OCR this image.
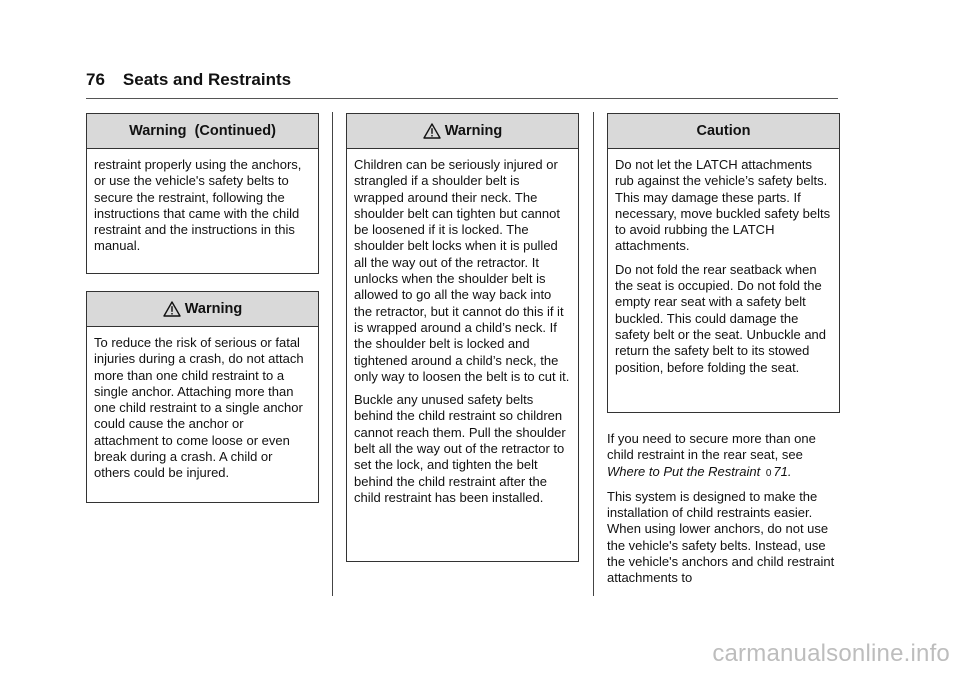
76 Seats and Restraints
Warning  (Continued)

restraint properly using the anchors, or use the vehicle's safety belts to secure the restraint, following the instructions that came with the child restraint and the instructions in this manual.

Warning

To reduce the risk of serious or fatal injuries during a crash, do not attach more than one child restraint to a single anchor. Attaching more than one child restraint to a single anchor could cause the anchor or attachment to come loose or even break during a crash. A child or others could be injured.

Warning

Children can be seriously injured or strangled if a shoulder belt is wrapped around their neck. The shoulder belt can tighten but cannot be loosened if it is locked. The shoulder belt locks when it is pulled all the way out of the retractor. It unlocks when the shoulder belt is allowed to go all the way back into the retractor, but it cannot do this if it is wrapped around a child’s neck. If the shoulder belt is locked and tightened around a child’s neck, the only way to loosen the belt is to cut it.

Buckle any unused safety belts behind the child restraint so children cannot reach them. Pull the shoulder belt all the way out of the retractor to set the lock, and tighten the belt behind the child restraint after the child restraint has been installed.

Caution

Do not let the LATCH attachments rub against the vehicle’s safety belts. This may damage these parts. If necessary, move buckled safety belts to avoid rubbing the LATCH attachments.

Do not fold the rear seatback when the seat is occupied. Do not fold the empty rear seat with a safety belt buckled. This could damage the safety belt or the seat. Unbuckle and return the safety belt to its stowed position, before folding the seat.

If you need to secure more than one child restraint in the rear seat, see Where to Put the Restraint 0 71.

This system is designed to make the installation of child restraints easier. When using lower anchors, do not use the vehicle's safety belts. Instead, use the vehicle's anchors and child restraint attachments to

carmanualsonline.info
